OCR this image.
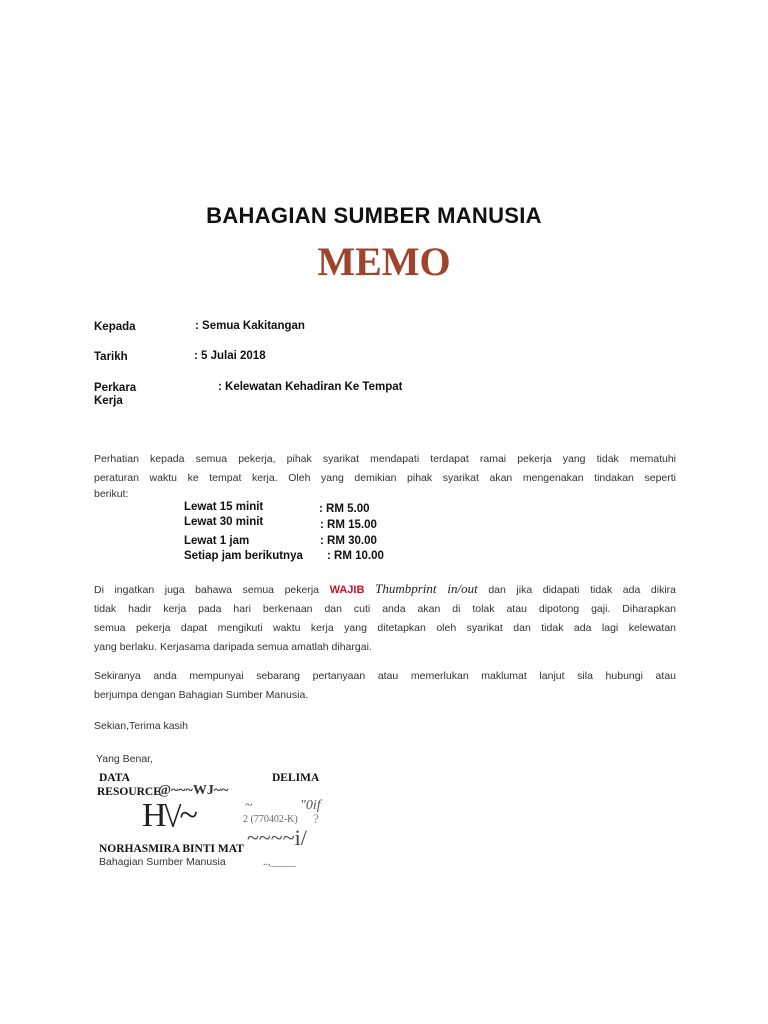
BAHAGIAN SUMBER MANUSIA
MEMO
Kepada	: Semua Kakitangan
Tarikh	: 5 Julai 2018
Perkara
Kerja
: Kelewatan Kehadiran Ke Tempat
Perhatian kepada semua pekerja, pihak syarikat mendapati terdapat ramai pekerja yang tidak mematuhi
peraturan waktu ke tempat kerja. Oleh yang demikian pihak syarikat akan mengenakan tindakan seperti
berikut:
Lewat 15 minit	: RM 5.00
Lewat 30 minit	: RM 15.00
Lewat 1 jam	: RM 30.00
Setiap jam berikutnya : RM 10.00
Di ingatkan juga bahawa semua pekerja WAJIB Thumbprint in/out dan jika didapati tidak ada dikira
tidak hadir kerja pada hari berkenaan dan cuti anda akan di tolak atau dipotong gaji. Diharapkan
semua pekerja dapat mengikuti waktu kerja yang ditetapkan oleh syarikat dan tidak ada lagi kelewatan
yang berlaku. Kerjasama daripada semua amatlah dihargai.
Sekiranya anda mempunyai sebarang pertanyaan atau memerlukan maklumat lanjut sila hubungi atau
berjumpa dengan Bahagian Sumber Manusia.
Sekian,Terima kasih
Yang Benar,
DATA	DELIMA
RESOURCE
@~~~WJ~~
H\/~	~
2 (770402-K)
"0if
?
~~~~i/
NORHASMIRA BINTI MAT
Bahagian Sumber Manusia	..,_____
